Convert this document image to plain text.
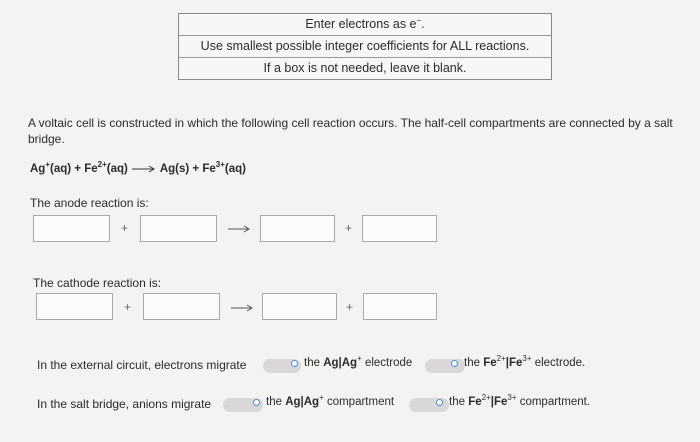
Enter electrons as e−.
Use smallest possible integer coefficients for ALL reactions.
If a box is not needed, leave it blank.
A voltaic cell is constructed in which the following cell reaction occurs. The half-cell compartments are connected by a salt bridge.
$Ag^+(aq) + Fe^{2+}(aq) \to Ag(s) + Fe^{3+}(aq)$
The anode reaction is:
+	+
The cathode reaction is:
+	+
In the external circuit, electrons migrate	the Ag|Ag+ electrode	the $Fe^{2+}|Fe^{3+}$ electrode.
In the salt bridge, anions migrate	the Ag|Ag+ compartment	the $Fe^{2+}|Fe^{3+}$ compartment.
